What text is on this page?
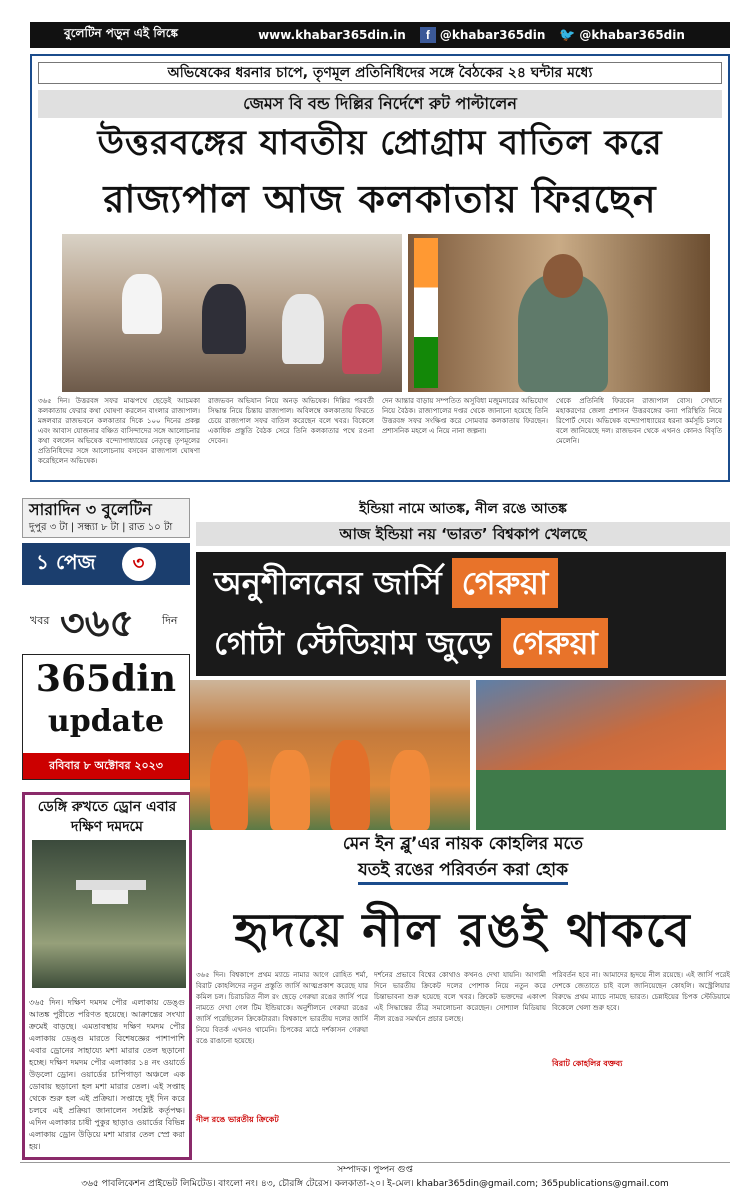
বুলেটিন পড়ুন এই লিঙ্কে	www.khabar365din.in	f @khabar365din 🐦 @khabar365din
অভিষেকের ধরনার চাপে, তৃণমূল প্রতিনিধিদের সঙ্গে বৈঠকের ২৪ ঘন্টার মধ্যে
জেমস বি বন্ড দিল্লির নির্দেশে রুট পাল্টালেন
উত্তরবঙ্গের যাবতীয় প্রোগ্রাম বাতিল করে
রাজ্যপাল আজ কলকাতায় ফিরছেন
৩৬৫ দিন। উত্তরবঙ্গ সফর মাঝপথে ছেড়েই আচমকা কলকাতায় ফেরার কথা ঘোষণা করলেন বাংলার রাজ্যপাল। মঙ্গলবার রাজভবনে কলকাতার দিকে ১০০ দিনের প্রকল্প এবং আবাস যোজনার বঞ্চিত বাসিন্দাদের সঙ্গে আলোচনার কথা বললেন অভিষেক বন্দ্যোপাধ্যায়ের নেতৃত্বে তৃণমূলের প্রতিনিধিদের সঙ্গে আলোচনায় বসবেন রাজ্যপাল ঘোষণা করেছিলেন অভিষেক।
রাজভবন অভিযান নিয়ে অনড় অভিষেক। দিল্লির পরবর্তী সিদ্ধান্ত নিয়ে চিন্তায় রাজ্যপাল। অবিলম্বে কলকাতায় ফিরতে চেয়ে রাজ্যপাল সফর বাতিল করেছেন বলে খবর। বিকেলে একাধিক প্রস্তুতি বৈঠক সেরে তিনি কলকাতার পথে রওনা দেবেন।
দেন আন্তার বাড়ায় সম্পতিত অসুবিধা মজুমদারের অভিযোগ নিয়ে বৈঠক। রাজ্যপালের দপ্তর থেকে জানানো হয়েছে তিনি উত্তরবঙ্গ সফর সংক্ষিপ্ত করে সোমবার কলকাতায় ফিরছেন। প্রশাসনিক মহলে এ নিয়ে নানা জল্পনা।
থেকে প্রতিনিধি ফিরবেন রাজ্যপাল বোস। সেখানে মহাকরণের জেলা প্রশাসন উত্তরবঙ্গের বন্যা পরিস্থিতি নিয়ে রিপোর্ট দেবে। অভিষেক বন্দ্যোপাধ্যায়ের ধরনা কর্মসূচি চলবে বলে জানিয়েছে দল। রাজভবন থেকে এখনও কোনও বিবৃতি মেলেনি।
সারাদিন ৩ বুলেটিন
দুপুর ৩ টা | সন্ধ্যা ৮ টা | রাত ১০ টা
১ পেজ	৩
খবর ৩৬৫	দিন
365din
update
রবিবার ৮ অক্টোবর ২০২৩
ডেঙ্গি রুখতে ড্রোন এবার দক্ষিণ দমদমে
৩৬৫ দিন। দক্ষিণ দমদম পৌর এলাকায় ডেঙ্গু আতঙ্ক পুরীতে পরিণত হয়েছে। আক্রান্তের সংখ্যা ক্রমেই বাড়ছে। এমতাবস্থায় দক্ষিণ দমদম পৌর এলাকায় ডেঙ্গু মারতে বিশেষজ্ঞের পাশাপাশি এবার ড্রোনের সাহায্যে মশা মারার তেল ছড়ানো হচ্ছে। দক্ষিণ দমদম পৌর এলাকার ১৪ নং ওয়ার্ডে উড়লো ড্রোন। ওয়ার্ডের চাপিগাড়া অঞ্চলে এক ডোবায় ছড়ানো হল মশা মারার তেল। এই সপ্তাহ থেকে শুরু হল এই প্রক্রিয়া। সপ্তাহে দুই দিন করে চলবে এই প্রক্রিয়া জানালেন সংশ্লিষ্ট কর্তৃপক্ষ। এদিন এলাকার চাষী পুকুর ছাড়াও ওয়ার্ডের বিভিন্ন এলাকায় ড্রোন উড়িয়ে মশা মারার তেল স্প্রে করা হয়।
ইন্ডিয়া নামে আতঙ্ক, নীল রঙে আতঙ্ক
আজ ইন্ডিয়া নয় ‘ভারত’ বিশ্বকাপ খেলছে
অনুশীলনের জার্সি গেরুয়া
গোটা স্টেডিয়াম জুড়ে গেরুয়া
মেন ইন ব্লু’এর নায়ক কোহলির মতে
যতই রঙের পরিবর্তন করা হোক
হৃদয়ে নীল রঙই থাকবে
৩৬৫ দিন। বিশ্বকাপে প্রথম ম্যাচে নামার আগে রোহিত শর্মা, বিরাট কোহলিদের নতুন প্রস্তুতি জার্সি আত্মপ্রকাশ করেছে যার কমিল চল। চিরাচরিত নীল রং ছেড়ে গেরুয়া রঙের জার্সি পরে নামতে দেখা গেল টিম ইন্ডিয়াকে। অনুশীলনে গেরুয়া রঙের জার্সি পরেছিলেন ক্রিকেটাররা। বিশ্বকাপে ভারতীয় দলের জার্সি নিয়ে বিতর্ক এখনও থামেনি। চিপকের মাঠে দর্শকাসন গেরুয়া রঙে রাঙানো হয়েছে।
দর্শনের প্রভাবে বিশ্বের কোথাও কখনও দেখা যায়নি। আগামী দিনে ভারতীয় ক্রিকেট দলের পোশাক নিয়ে নতুন করে চিন্তাভাবনা শুরু হয়েছে বলে খবর। ক্রিকেট ভক্তদের একাংশ এই সিদ্ধান্তের তীব্র সমালোচনা করেছেন। সোশ্যাল মিডিয়ায় নীল রঙের সমর্থনে প্রচার চলছে।
পরিবর্তন হবে না। আমাদের হৃদয়ে নীল রয়েছে। এই জার্সি পরেই দেশকে জেতাতে চাই বলে জানিয়েছেন কোহলি। অস্ট্রেলিয়ার বিরুদ্ধে প্রথম ম্যাচে নামছে ভারত। চেন্নাইয়ের চিপক স্টেডিয়ামে বিকেলে খেলা শুরু হবে।
নীল রঙে ভারতীয় ক্রিকেট
বিরাট কোহলির বক্তব্য
সম্পাদক। পুষ্পন গুপ্ত
৩৬৫ পাবলিকেশন প্রাইভেট লিমিটেড। বাংলো নং। ৪৩, চৌরঙ্গি টেরেস। কলকাতা-২০। ই-মেল। khabar365din@gmail.com; 365publications@gmail.com
